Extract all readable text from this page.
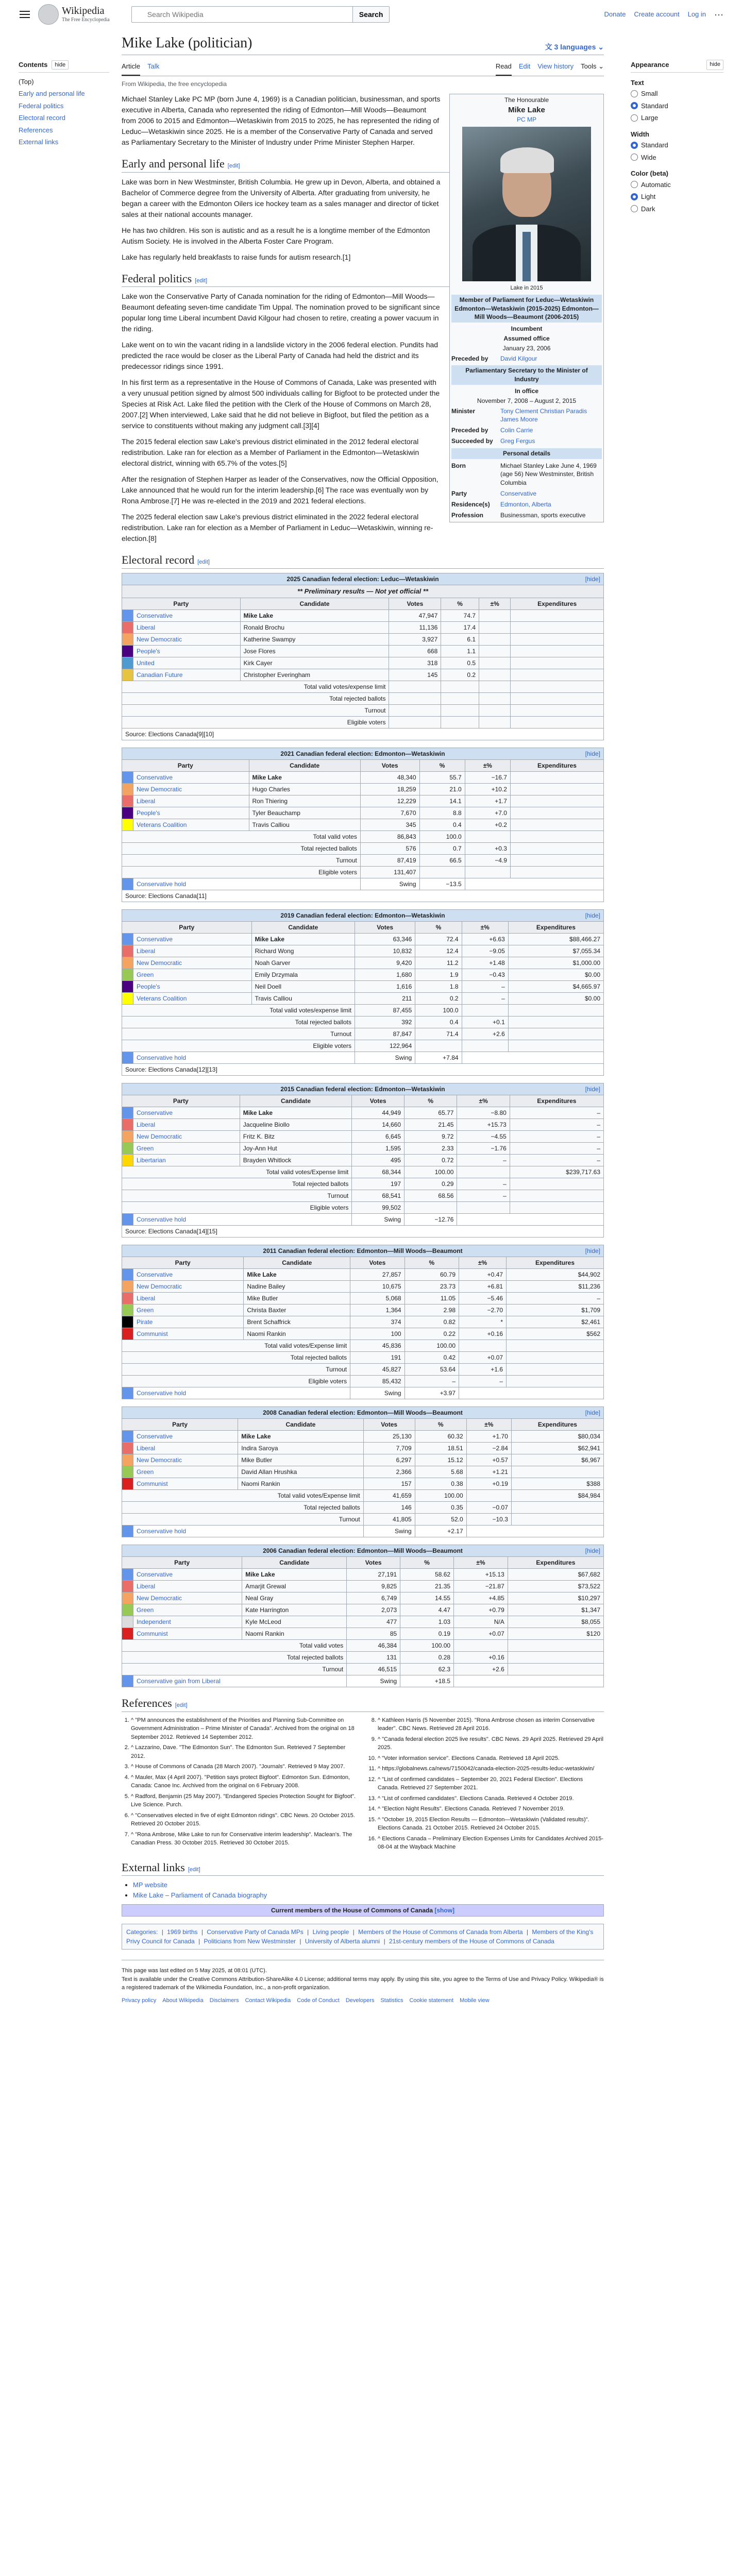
Wikipedia
The Free Encyclopedia
Search Wikipedia
Search	Donate Create account Log in ···
Contents	hide
(Top)
Early and personal life
Federal politics
Electoral record
References
External links
Mike Lake (politician)	文 3 languages ⌄
Article Talk	Read Edit View history Tools ⌄
From Wikipedia, the free encyclopedia
The Honourable
Mike Lake
PC MP
Lake in 2015
Member of Parliament for Leduc—Wetaskiwin Edmonton—Wetaskiwin (2015-2025) Edmonton—Mill Woods—Beaumont (2006-2015)
Incumbent
Assumed office
January 23, 2006
Preceded by	David Kilgour
Parliamentary Secretary to the Minister of Industry
In office
November 7, 2008 – August 2, 2015
Minister	Tony Clement Christian Paradis James Moore
Preceded by	Colin Carrie
Succeeded by	Greg Fergus
Personal details
Born	Michael Stanley Lake June 4, 1969 (age 56) New Westminster, British Columbia
Party	Conservative
Residence(s)	Edmonton, Alberta
Profession	Businessman, sports executive

Michael Stanley Lake PC MP (born June 4, 1969) is a Canadian politician, businessman, and sports executive in Alberta, Canada who represented the riding of Edmonton—Mill Woods—Beaumont from 2006 to 2015 and Edmonton—Wetaskiwin from 2015 to 2025, he has represented the riding of Leduc—Wetaskiwin since 2025. He is a member of the Conservative Party of Canada and served as Parliamentary Secretary to the Minister of Industry under Prime Minister Stephen Harper.

Early and personal life [edit]

Lake was born in New Westminster, British Columbia. He grew up in Devon, Alberta, and obtained a Bachelor of Commerce degree from the University of Alberta. After graduating from university, he began a career with the Edmonton Oilers ice hockey team as a sales manager and director of ticket sales at their national accounts manager.

He has two children. His son is autistic and as a result he is a longtime member of the Edmonton Autism Society. He is involved in the Alberta Foster Care Program.

Lake has regularly held breakfasts to raise funds for autism research.[1]

Federal politics [edit]

Lake won the Conservative Party of Canada nomination for the riding of Edmonton—Mill Woods—Beaumont defeating seven-time candidate Tim Uppal. The nomination proved to be significant since popular long time Liberal incumbent David Kilgour had chosen to retire, creating a power vacuum in the riding.

Lake went on to win the vacant riding in a landslide victory in the 2006 federal election. Pundits had predicted the race would be closer as the Liberal Party of Canada had held the district and its predecessor ridings since 1991.

In his first term as a representative in the House of Commons of Canada, Lake was presented with a very unusual petition signed by almost 500 individuals calling for Bigfoot to be protected under the Species at Risk Act. Lake filed the petition with the Clerk of the House of Commons on March 28, 2007.[2] When interviewed, Lake said that he did not believe in Bigfoot, but filed the petition as a service to constituents without making any judgment call.[3][4]

The 2015 federal election saw Lake's previous district eliminated in the 2012 federal electoral redistribution. Lake ran for election as a Member of Parliament in the Edmonton—Wetaskiwin electoral district, winning with 65.7% of the votes.[5]

After the resignation of Stephen Harper as leader of the Conservatives, now the Official Opposition, Lake announced that he would run for the interim leadership.[6] The race was eventually won by Rona Ambrose.[7] He was re-elected in the 2019 and 2021 federal elections.

The 2025 federal election saw Lake's previous district eliminated in the 2022 federal electoral redistribution. Lake ran for election as a Member of Parliament in Leduc—Wetaskiwin, winning re-election.[8]

Electoral record [edit]
2025 Canadian federal election: Leduc—Wetaskiwin [hide]						

** Preliminary results — Not yet official **						
Party		Candidate	Votes	%	±%	Expenditures
	Conservative	Mike Lake	47,947	74.7		
	Liberal	Ronald Brochu	11,136	17.4		
	New Democratic	Katherine Swampy	3,927	6.1		
	People's	Jose Flores	668	1.1		
	United	Kirk Cayer	318	0.5		
	Canadian Future	Christopher Everingham	145	0.2		
Total valid votes/expense limit						
Total rejected ballots						
Turnout						
Eligible voters						
Source: Elections Canada[9][10]						
2021 Canadian federal election: Edmonton—Wetaskiwin [hide]						

Party		Candidate	Votes	%	±%	Expenditures
	Conservative	Mike Lake	48,340	55.7	−16.7	
	New Democratic	Hugo Charles	18,259	21.0	+10.2	
	Liberal	Ron Thiering	12,229	14.1	+1.7	
	People's	Tyler Beauchamp	7,670	8.8	+7.0	
	Veterans Coalition	Travis Calliou	345	0.4	+0.2	
Total valid votes			86,843	100.0		
Total rejected ballots			576	0.7	+0.3	
Turnout			87,419	66.5	−4.9	
Eligible voters			131,407			
	Conservative hold		Swing	−13.5		
Source: Elections Canada[11]						
2019 Canadian federal election: Edmonton—Wetaskiwin [hide]						

Party		Candidate	Votes	%	±%	Expenditures
	Conservative	Mike Lake	63,346	72.4	+6.63	$88,466.27
	Liberal	Richard Wong	10,832	12.4	−9.05	$7,055.34
	New Democratic	Noah Garver	9,420	11.2	+1.48	$1,000.00
	Green	Emily Drzymala	1,680	1.9	−0.43	$0.00
	People's	Neil Doell	1,616	1.8	–	$4,665.97
	Veterans Coalition	Travis Calliou	211	0.2	–	$0.00
Total valid votes/expense limit			87,455	100.0		
Total rejected ballots			392	0.4	+0.1	
Turnout			87,847	71.4	+2.6	
Eligible voters			122,964			
	Conservative hold		Swing	+7.84		
Source: Elections Canada[12][13]						
2015 Canadian federal election: Edmonton—Wetaskiwin [hide]						

Party		Candidate	Votes	%	±%	Expenditures
	Conservative	Mike Lake	44,949	65.77	−8.80	–
	Liberal	Jacqueline Biollo	14,660	21.45	+15.73	–
	New Democratic	Fritz K. Bitz	6,645	9.72	−4.55	–
	Green	Joy-Ann Hut	1,595	2.33	−1.76	–
	Libertarian	Brayden Whitlock	495	0.72	–	–
Total valid votes/Expense limit			68,344	100.00		$239,717.63
Total rejected ballots			197	0.29	–	
Turnout			68,541	68.56	–	
Eligible voters			99,502			
	Conservative hold		Swing	−12.76		
Source: Elections Canada[14][15]						
2011 Canadian federal election: Edmonton—Mill Woods—Beaumont [hide]						

Party		Candidate	Votes	%	±%	Expenditures
	Conservative	Mike Lake	27,857	60.79	+0.47	$44,902
	New Democratic	Nadine Bailey	10,675	23.73	+6.81	$11,236
	Liberal	Mike Butler	5,068	11.05	−5.46	–
	Green	Christa Baxter	1,364	2.98	−2.70	$1,709
	Pirate	Brent Schaffrick	374	0.82	*	$2,461
	Communist	Naomi Rankin	100	0.22	+0.16	$562
Total valid votes/Expense limit			45,836	100.00		
Total rejected ballots			191	0.42	+0.07	
Turnout			45,827	53.64	+1.6	
Eligible voters			85,432	–	–	
	Conservative hold		Swing	+3.97		
2008 Canadian federal election: Edmonton—Mill Woods—Beaumont [hide]						

Party		Candidate	Votes	%	±%	Expenditures
	Conservative	Mike Lake	25,130	60.32	+1.70	$80,034
	Liberal	Indira Saroya	7,709	18.51	−2.84	$62,941
	New Democratic	Mike Butler	6,297	15.12	+0.57	$6,967
	Green	David Allan Hrushka	2,366	5.68	+1.21	
	Communist	Naomi Rankin	157	0.38	+0.19	$388
Total valid votes/Expense limit			41,659	100.00		$84,984
Total rejected ballots			146	0.35	−0.07	
Turnout			41,805	52.0	−10.3	
	Conservative hold		Swing	+2.17		
2006 Canadian federal election: Edmonton—Mill Woods—Beaumont [hide]						

Party		Candidate	Votes	%	±%	Expenditures
	Conservative	Mike Lake	27,191	58.62	+15.13	$67,682
	Liberal	Amarjit Grewal	9,825	21.35	−21.87	$73,522
	New Democratic	Neal Gray	6,749	14.55	+4.85	$10,297
	Green	Kate Harrington	2,073	4.47	+0.79	$1,347
	Independent	Kyle McLeod	477	1.03	N/A	$8,055
	Communist	Naomi Rankin	85	0.19	+0.07	$120
Total valid votes			46,384	100.00		
Total rejected ballots			131	0.28	+0.16	
Turnout			46,515	62.3	+2.6	
	Conservative gain from Liberal		Swing	+18.5		
References [edit]
1. ^ "PM announces the establishment of the Priorities and Planning Sub-Committee on Government Administration – Prime Minister of Canada". Archived from the original on 18 September 2012. Retrieved 14 September 2012.
2. ^ Lazzarino, Dave. "The Edmonton Sun". The Edmonton Sun. Retrieved 7 September 2012.
3. ^ House of Commons of Canada (28 March 2007). "Journals". Retrieved 9 May 2007.
4. ^ Mauler, Max (4 April 2007). "Petition says protect Bigfoot". Edmonton Sun. Edmonton, Canada: Canoe Inc. Archived from the original on 6 February 2008.
5. ^ Radford, Benjamin (25 May 2007). "Endangered Species Protection Sought for Bigfoot". Live Science. Purch.
6. ^ "Conservatives elected in five of eight Edmonton ridings". CBC News. 20 October 2015. Retrieved 20 October 2015.
7. ^ "Rona Ambrose, Mike Lake to run for Conservative interim leadership". Maclean's. The Canadian Press. 30 October 2015. Retrieved 30 October 2015.
8. ^ Kathleen Harris (5 November 2015). "Rona Ambrose chosen as interim Conservative leader". CBC News. Retrieved 28 April 2016.
9. ^ "Canada federal election 2025 live results". CBC News. 29 April 2025. Retrieved 29 April 2025.
10. ^ "Voter information service". Elections Canada. Retrieved 18 April 2025.
11. ^ https://globalnews.ca/news/7150042/canada-election-2025-results-leduc-wetaskiwin/
12. ^ "List of confirmed candidates – September 20, 2021 Federal Election". Elections Canada. Retrieved 27 September 2021.
13. ^ "List of confirmed candidates". Elections Canada. Retrieved 4 October 2019.
14. ^ "Election Night Results". Elections Canada. Retrieved 7 November 2019.
15. ^ "October 19, 2015 Election Results — Edmonton—Wetaskiwin (Validated results)". Elections Canada. 21 October 2015. Retrieved 24 October 2015.
16. ^ Elections Canada – Preliminary Election Expenses Limits for Candidates Archived 2015-08-04 at the Wayback Machine
External links [edit]
• MP website
• Mike Lake – Parliament of Canada biography
Current members of the House of Commons of Canada [show]
Categories: | 1969 births | Conservative Party of Canada MPs | Living people | Members of the House of Commons of Canada from Alberta | Members of the King's Privy Council for Canada | Politicians from New Westminster | University of Alberta alumni | 21st-century members of the House of Commons of Canada
This page was last edited on 5 May 2025, at 08:01 (UTC).
Text is available under the Creative Commons Attribution-ShareAlike 4.0 License; additional terms may apply. By using this site, you agree to the Terms of Use and Privacy Policy. Wikipedia® is a registered trademark of the Wikimedia Foundation, Inc., a non-profit organization.
Privacy policy About Wikipedia Disclaimers Contact Wikipedia Code of Conduct Developers Statistics Cookie statement Mobile view
Appearance	hide
Text
Small
Standard
Large
Width
Standard
Wide
Color (beta)
Automatic
Light
Dark
